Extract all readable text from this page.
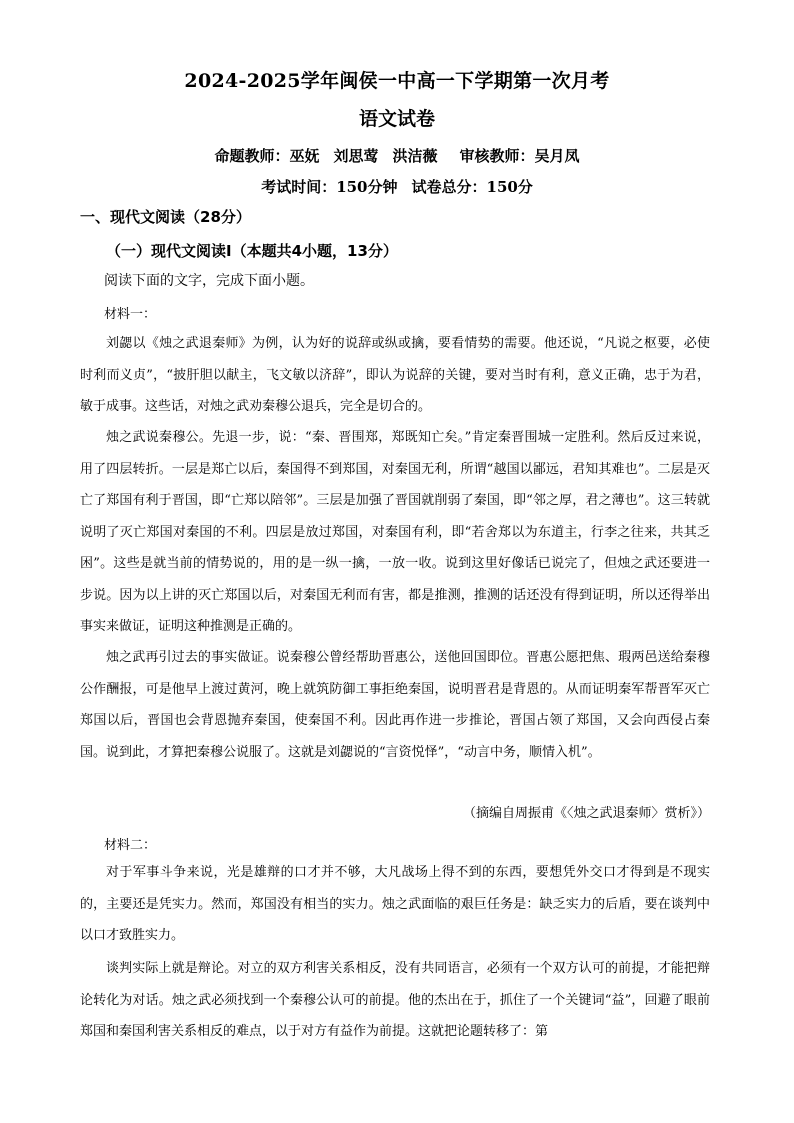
2024-2025学年闽侯一中高一下学期第一次月考
语文试卷
命题教师：巫妩 刘思莺 洪洁薇 审核教师：吴月凤
考试时间：150分钟 试卷总分：150分
一、现代文阅读（28分）
（一）现代文阅读Ⅰ（本题共4小题，13分）
阅读下面的文字，完成下面小题。
材料一：

刘勰以《烛之武退秦师》为例，认为好的说辞或纵或擒，要看情势的需要。他还说，“凡说之枢要，必使时利而义贞”，“披肝胆以献主，飞文敏以济辞”，即认为说辞的关键，要对当时有利，意义正确，忠于为君，敏于成事。这些话，对烛之武劝秦穆公退兵，完全是切合的。

烛之武说秦穆公。先退一步，说：“秦、晋围郑，郑既知亡矣。”肯定秦晋围城一定胜利。然后反过来说，用了四层转折。一层是郑亡以后，秦国得不到郑国，对秦国无利，所谓“越国以鄙远，君知其难也”。二层是灭亡了郑国有利于晋国，即“亡郑以陪邻”。三层是加强了晋国就削弱了秦国，即“邻之厚，君之薄也”。这三转就说明了灭亡郑国对秦国的不利。四层是放过郑国，对秦国有利，即“若舍郑以为东道主，行李之往来，共其乏困”。这些是就当前的情势说的，用的是一纵一擒，一放一收。说到这里好像话已说完了，但烛之武还要进一步说。因为以上讲的灭亡郑国以后，对秦国无利而有害，都是推测，推测的话还没有得到证明，所以还得举出事实来做证，证明这种推测是正确的。

烛之武再引过去的事实做证。说秦穆公曾经帮助晋惠公，送他回国即位。晋惠公愿把焦、瑕两邑送给秦穆公作酬报，可是他早上渡过黄河，晚上就筑防御工事拒绝秦国，说明晋君是背恩的。从而证明秦军帮晋军灭亡郑国以后，晋国也会背恩抛弃秦国，使秦国不利。因此再作进一步推论，晋国占领了郑国，又会向西侵占秦国。说到此，才算把秦穆公说服了。这就是刘勰说的“言资悦怿”，“动言中务，顺情入机”。

（摘编自周振甫《〈烛之武退秦师〉赏析》）
材料二：

对于军事斗争来说，光是雄辩的口才并不够，大凡战场上得不到的东西，要想凭外交口才得到是不现实的，主要还是凭实力。然而，郑国没有相当的实力。烛之武面临的艰巨任务是：缺乏实力的后盾，要在谈判中以口才致胜实力。

谈判实际上就是辩论。对立的双方利害关系相反，没有共同语言，必须有一个双方认可的前提，才能把辩论转化为对话。烛之武必须找到一个秦穆公认可的前提。他的杰出在于，抓住了一个关键词“益”，回避了眼前郑国和秦国利害关系相反的难点，以于对方有益作为前提。这就把论题转移了：第
